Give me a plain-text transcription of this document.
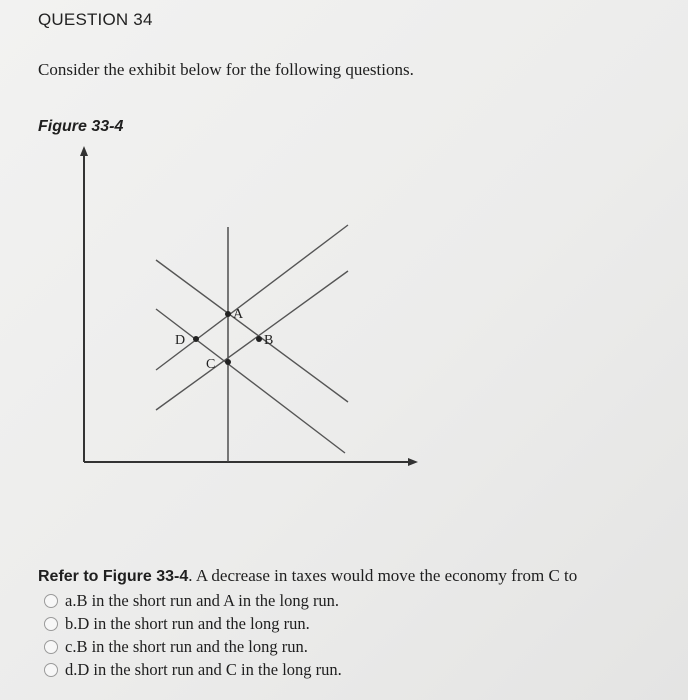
QUESTION 34
Consider the exhibit below for the following questions.
Figure 33-4
A
B
C
D
Refer to Figure 33-4. A decrease in taxes would move the economy from C to
a. B in the short run and A in the long run.
b. D in the short run and the long run.
c. B in the short run and the long run.
d. D in the short run and C in the long run.
